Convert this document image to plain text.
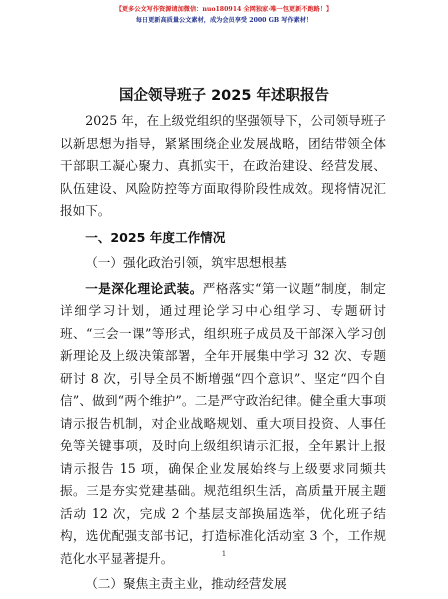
【更多公文写作资源请加微信：nuo180914 全网独家·唯一包更新不跑路！】
每日更新高质量公文素材，成为会员享受 2000 GB 写作素材！
国企领导班子 2025 年述职报告

2025 年，在上级党组织的坚强领导下，公司领导班子以新思想为指导，紧紧围绕企业发展战略，团结带领全体干部职工凝心聚力、真抓实干，在政治建设、经营发展、队伍建设、风险防控等方面取得阶段性成效。现将情况汇报如下。

一、2025 年度工作情况

（一）强化政治引领，筑牢思想根基

一是深化理论武装。严格落实“第一议题”制度，制定详细学习计划，通过理论学习中心组学习、专题研讨班、“三会一课”等形式，组织班子成员及干部深入学习创新理论及上级决策部署，全年开展集中学习 32 次、专题研讨 8 次，引导全员不断增强“四个意识”、坚定“四个自信”、做到“两个维护”。二是严守政治纪律。健全重大事项请示报告机制，对企业战略规划、重大项目投资、人事任免等关键事项，及时向上级组织请示汇报，全年累计上报请示报告 15 项，确保企业发展始终与上级要求同频共振。三是夯实党建基础。规范组织生活，高质量开展主题活动 12 次，完成 2 个基层支部换届选举，优化班子结构，选优配强支部书记，打造标准化活动室 3 个，工作规范化水平显著提升。

（二）聚焦主责主业，推动经营发展

1
